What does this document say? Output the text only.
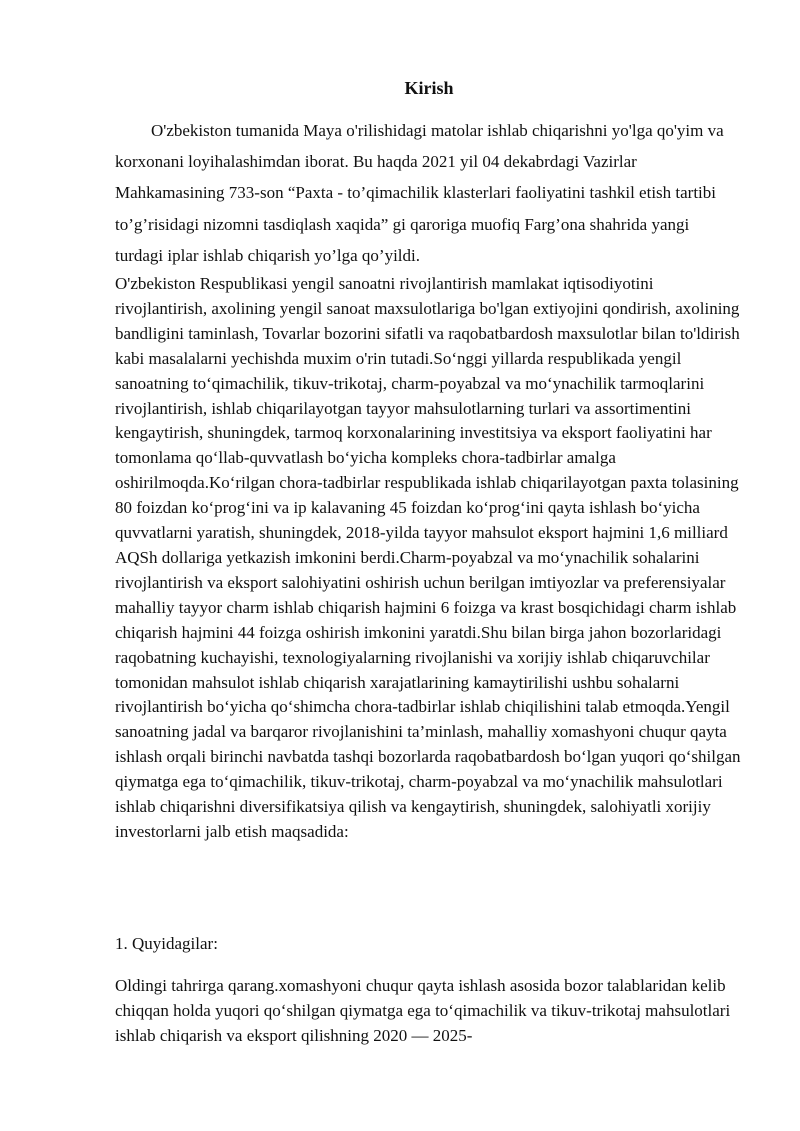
Kirish

O'zbekiston tumanida Maya o'rilishidagi matolar ishlab chiqarishni yo'lga qo'yim va korxonani loyihalashimdan iborat. Bu haqda 2021 yil 04 dekabrdagi Vazirlar Mahkamasining 733-son “Paxta - to’qimachilik klasterlari faoliyatini tashkil etish tartibi to’g’risidagi nizomni tasdiqlash xaqida” gi qaroriga muofiq Farg’ona shahrida yangi turdagi iplar ishlab chiqarish yo’lga qo’yildi.

O'zbekiston Respublikasi yengil sanoatni rivojlantirish mamlakat iqtisodiyotini rivojlantirish, axolining yengil sanoat maxsulotlariga bo'lgan extiyojini qondirish, axolining bandligini taminlash, Tovarlar bozorini sifatli va raqobatbardosh maxsulotlar bilan to'ldirish kabi masalalarni yechishda muxim o'rin tutadi.So‘nggi yillarda respublikada yengil sanoatning to‘qimachilik, tikuv-trikotaj, charm-poyabzal va mo‘ynachilik tarmoqlarini rivojlantirish, ishlab chiqarilayotgan tayyor mahsulotlarning turlari va assortimentini kengaytirish, shuningdek, tarmoq korxonalarining investitsiya va eksport faoliyatini har tomonlama qo‘llab-quvvatlash bo‘yicha kompleks chora-tadbirlar amalga oshirilmoqda.Ko‘rilgan chora-tadbirlar respublikada ishlab chiqarilayotgan paxta tolasining 80 foizdan ko‘prog‘ini va ip kalavaning 45 foizdan ko‘prog‘ini qayta ishlash bo‘yicha quvvatlarni yaratish, shuningdek, 2018-yilda tayyor mahsulot eksport hajmini 1,6 milliard AQSh dollariga yetkazish imkonini berdi.Charm-poyabzal va mo‘ynachilik sohalarini rivojlantirish va eksport salohiyatini oshirish uchun berilgan imtiyozlar va preferensiyalar mahalliy tayyor charm ishlab chiqarish hajmini 6 foizga va krast bosqichidagi charm ishlab chiqarish hajmini 44 foizga oshirish imkonini yaratdi.Shu bilan birga jahon bozorlaridagi raqobatning kuchayishi, texnologiyalarning rivojlanishi va xorijiy ishlab chiqaruvchilar tomonidan mahsulot ishlab chiqarish xarajatlarining kamaytirilishi ushbu sohalarni rivojlantirish bo‘yicha qo‘shimcha chora-tadbirlar ishlab chiqilishini talab etmoqda.Yengil sanoatning jadal va barqaror rivojlanishini ta’minlash, mahalliy xomashyoni chuqur qayta ishlash orqali birinchi navbatda tashqi bozorlarda raqobatbardosh bo‘lgan yuqori qo‘shilgan qiymatga ega to‘qimachilik, tikuv-trikotaj, charm-poyabzal va mo‘ynachilik mahsulotlari ishlab chiqarishni diversifikatsiya qilish va kengaytirish, shuningdek, salohiyatli xorijiy investorlarni jalb etish maqsadida:

1. Quyidagilar:

Oldingi tahrirga qarang.xomashyoni chuqur qayta ishlash asosida bozor talablaridan kelib chiqqan holda yuqori qo‘shilgan qiymatga ega to‘qimachilik va tikuv-trikotaj mahsulotlari ishlab chiqarish va eksport qilishning 2020 — 2025-
